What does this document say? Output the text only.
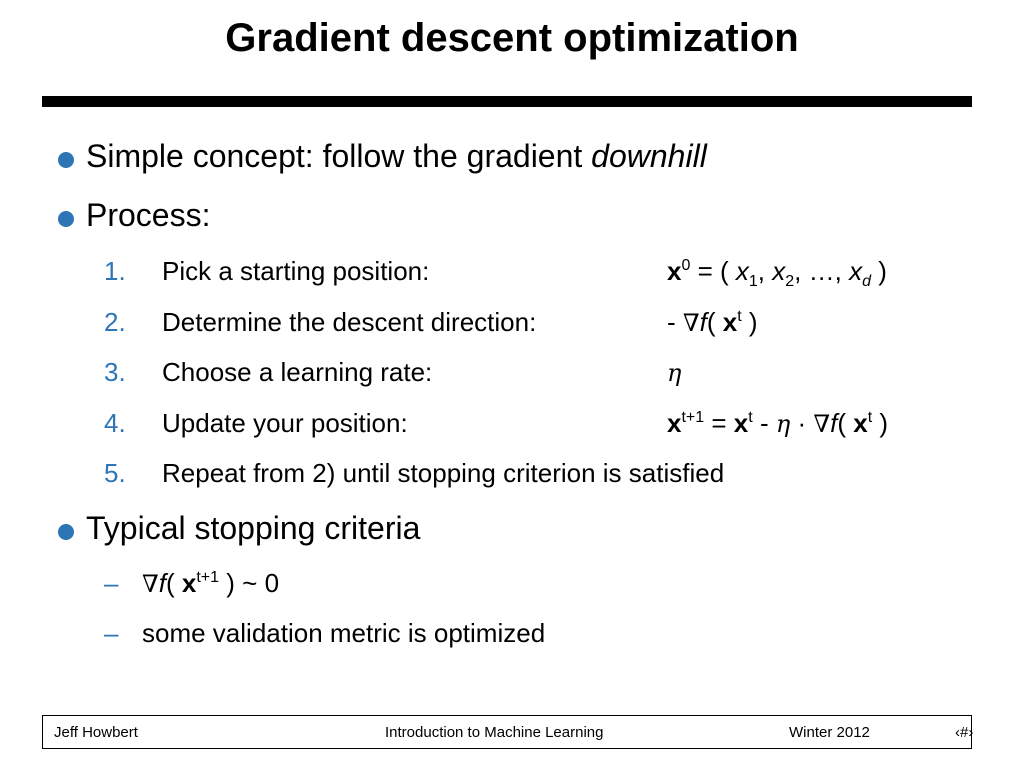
Gradient descent optimization
Simple concept: follow the gradient downhill
Process:
1. Pick a starting position:	$x^0$ = ( $x_1$, $x_2$, …, $x_d$ )
2. Determine the descent direction:	- ∇f( $x^t$ )
3. Choose a learning rate:	η
4. Update your position:	$x^{t+1} = x^t - \eta \cdot \nabla f$( $x^t$ )
5. Repeat from 2) until stopping criterion is satisfied
Typical stopping criteria
– ∇f( $x^{t+1}$ ) ~ 0
– some validation metric is optimized
Jeff Howbert	Introduction to Machine Learning	Winter 2012	‹#›
